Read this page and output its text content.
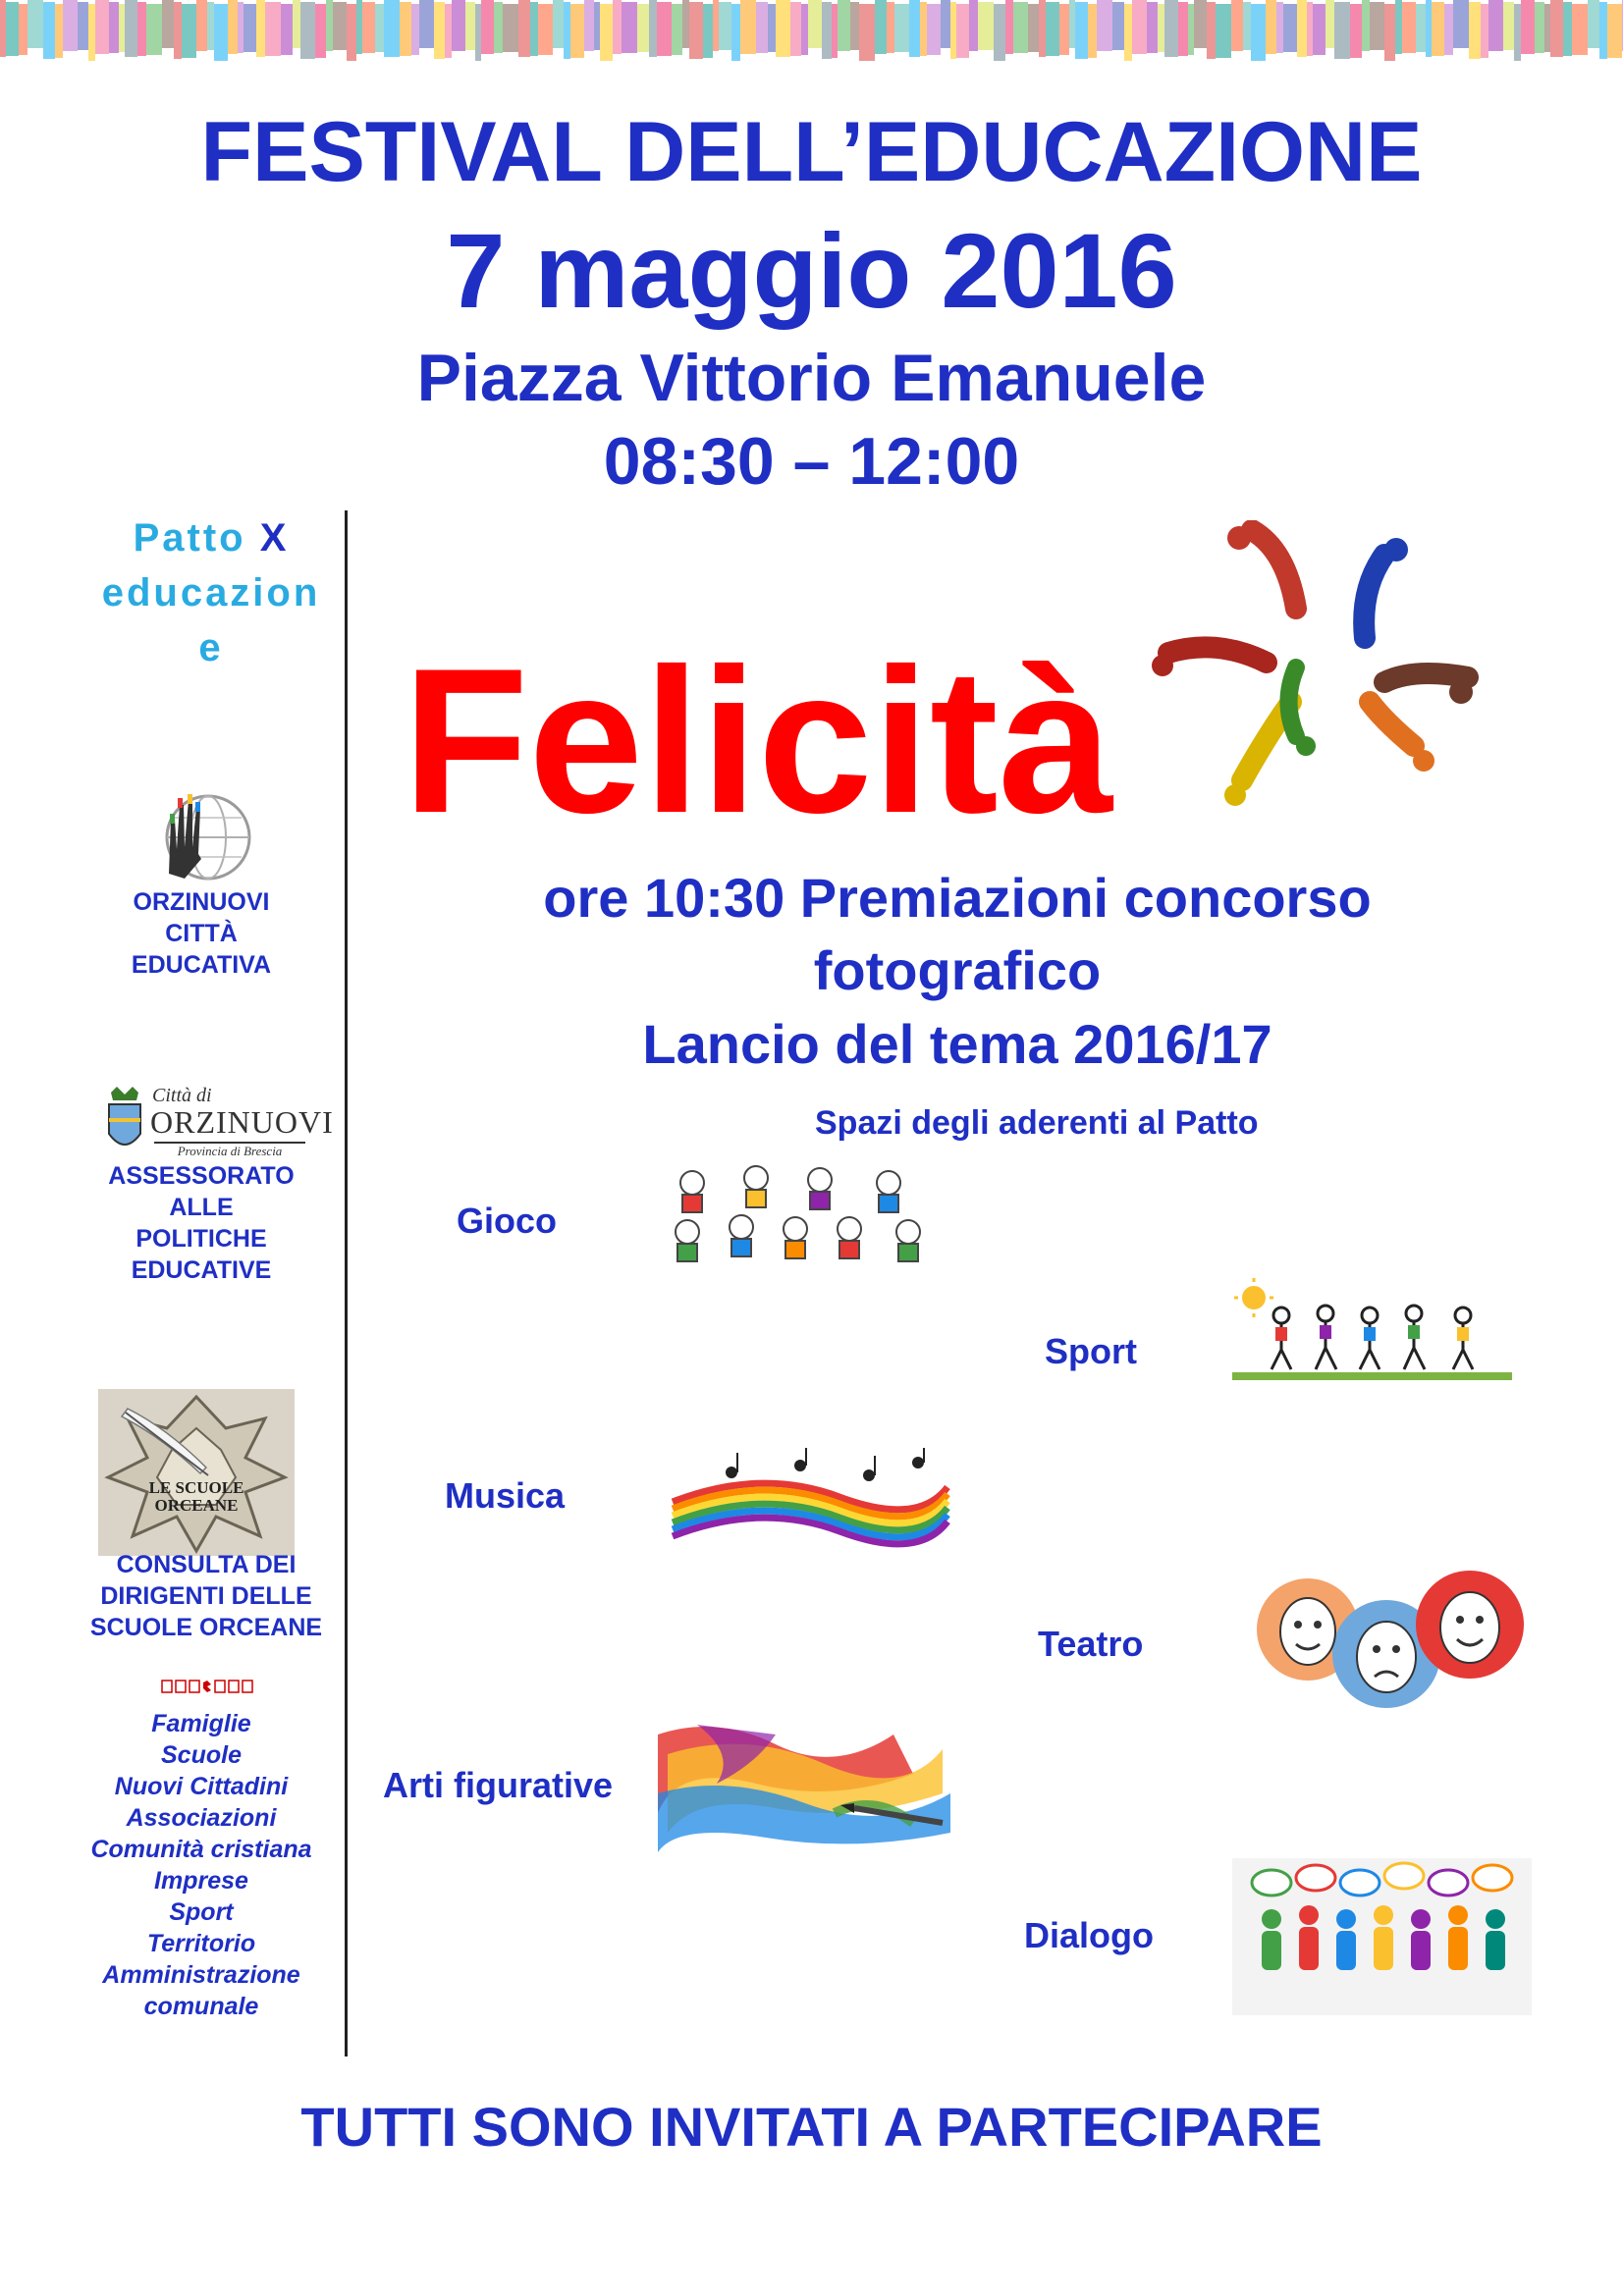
FESTIVAL DELL’EDUCAZIONE
7 maggio 2016
Piazza Vittorio Emanuele
08:30 – 12:00
Patto X
educazion
e
ORZINUOVI
CITTÀ
EDUCATIVA
Città di
ORZINUOVI
Provincia di Brescia
ASSESSORATO
ALLE
POLITICHE
EDUCATIVE
LE SCUOLE ORCEANE
CONSULTA DEI
DIRIGENTI DELLE
SCUOLE ORCEANE
Famiglie
Scuole
Nuovi Cittadini
Associazioni
Comunità cristiana
Imprese
Sport
Territorio
Amministrazione
comunale
Felicità
ore 10:30 Premiazioni concorso
fotografico
Lancio del tema 2016/17
Spazi degli aderenti al Patto
Gioco
Sport
Musica
Teatro
Arti figurative
Dialogo
TUTTI SONO INVITATI A PARTECIPARE
